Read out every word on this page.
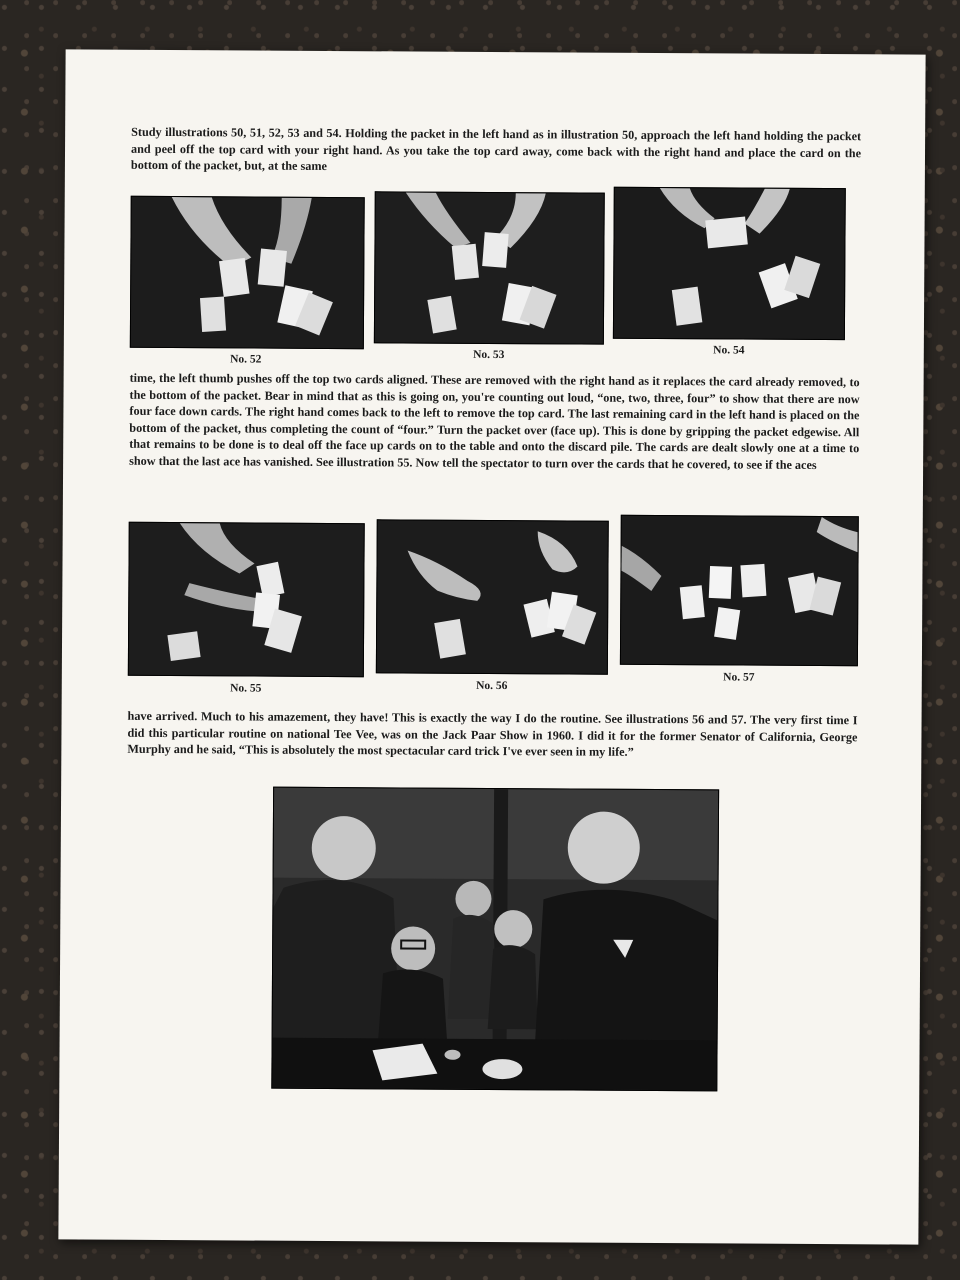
Study illustrations 50, 51, 52, 53 and 54. Holding the packet in the left hand as in illustration 50, approach the left hand holding the packet and peel off the top card with your right hand. As you take the top card away, come back with the right hand and place the card on the bottom of the packet, but, at the same

No. 52	No. 53	No. 54

time, the left thumb pushes off the top two cards aligned. These are removed with the right hand as it replaces the card already removed, to the bottom of the packet. Bear in mind that as this is going on, you're counting out loud, “one, two, three, four” to show that there are now four face down cards. The right hand comes back to the left to remove the top card. The last remaining card in the left hand is placed on the bottom of the packet, thus completing the count of “four.” Turn the packet over (face up). This is done by gripping the packet edgewise. All that remains to be done is to deal off the face up cards on to the table and onto the discard pile. The cards are dealt slowly one at a time to show that the last ace has vanished. See illustration 55. Now tell the spectator to turn over the cards that he covered, to see if the aces

No. 55	No. 56
No. 57

have arrived. Much to his amazement, they have! This is exactly the way I do the routine. See illustrations 56 and 57. The very first time I did this particular routine on national Tee Vee, was on the Jack Paar Show in 1960. I did it for the former Senator of California, George Murphy and he said, “This is absolutely the most spectacular card trick I've ever seen in my life.”
